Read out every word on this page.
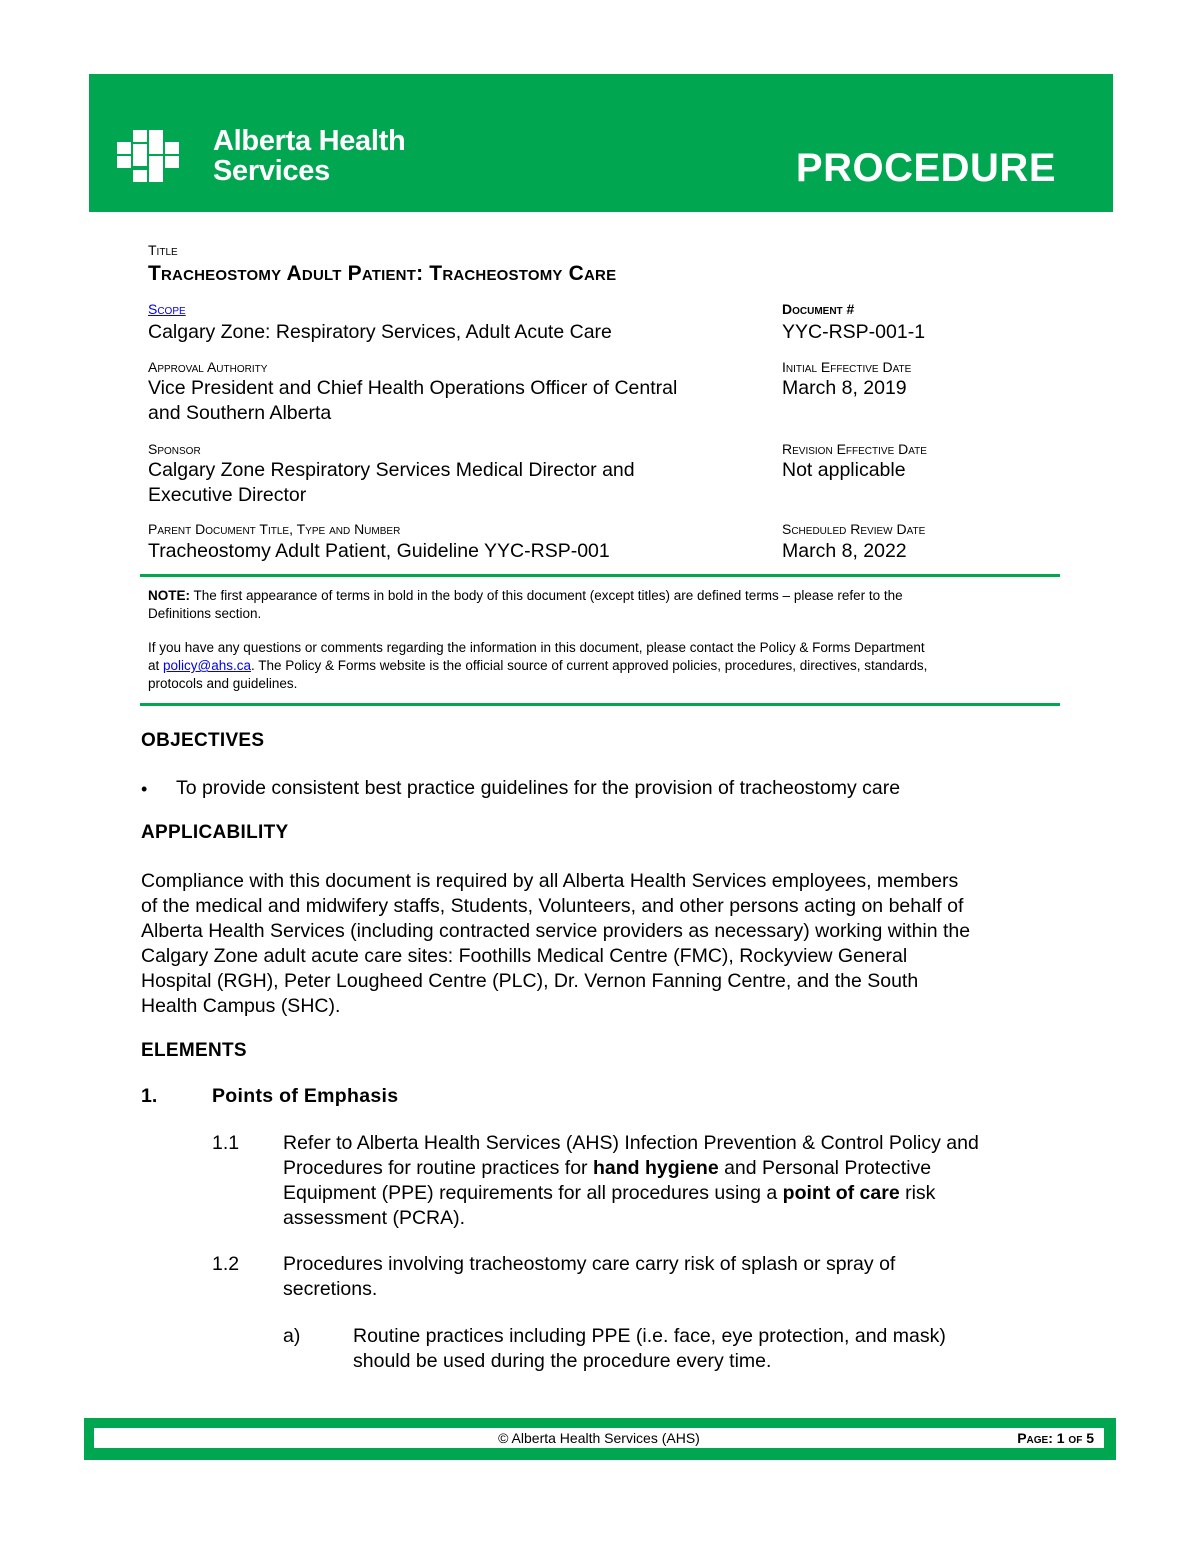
Alberta Health
Services	PROCEDURE
Title
Tracheostomy Adult Patient: Tracheostomy Care
Scope
Calgary Zone: Respiratory Services, Adult Acute Care
Document #
YYC-RSP-001-1
Approval Authority
Vice President and Chief Health Operations Officer of Central
and Southern Alberta
Initial Effective Date
March 8, 2019
Sponsor
Calgary Zone Respiratory Services Medical Director and
Executive Director
Revision Effective Date
Not applicable
Parent Document Title, Type and Number
Tracheostomy Adult Patient, Guideline YYC-RSP-001
Scheduled Review Date
March 8, 2022
NOTE: The first appearance of terms in bold in the body of this document (except titles) are defined terms – please refer to the
Definitions section.
If you have any questions or comments regarding the information in this document, please contact the Policy & Forms Department
at policy@ahs.ca. The Policy & Forms website is the official source of current approved policies, procedures, directives, standards,
protocols and guidelines.
OBJECTIVES
• To provide consistent best practice guidelines for the provision of tracheostomy care
APPLICABILITY
Compliance with this document is required by all Alberta Health Services employees, members
of the medical and midwifery staffs, Students, Volunteers, and other persons acting on behalf of
Alberta Health Services (including contracted service providers as necessary) working within the
Calgary Zone adult acute care sites: Foothills Medical Centre (FMC), Rockyview General
Hospital (RGH), Peter Lougheed Centre (PLC), Dr. Vernon Fanning Centre, and the South
Health Campus (SHC).
ELEMENTS
1.	Points of Emphasis
1.1 Refer to Alberta Health Services (AHS) Infection Prevention & Control Policy and
Procedures for routine practices for hand hygiene and Personal Protective
Equipment (PPE) requirements for all procedures using a point of care risk
assessment (PCRA).
1.2 Procedures involving tracheostomy care carry risk of splash or spray of
secretions.
a)	Routine practices including PPE (i.e. face, eye protection, and mask)
should be used during the procedure every time.
© Alberta Health Services (AHS)	Page: 1 of 5
